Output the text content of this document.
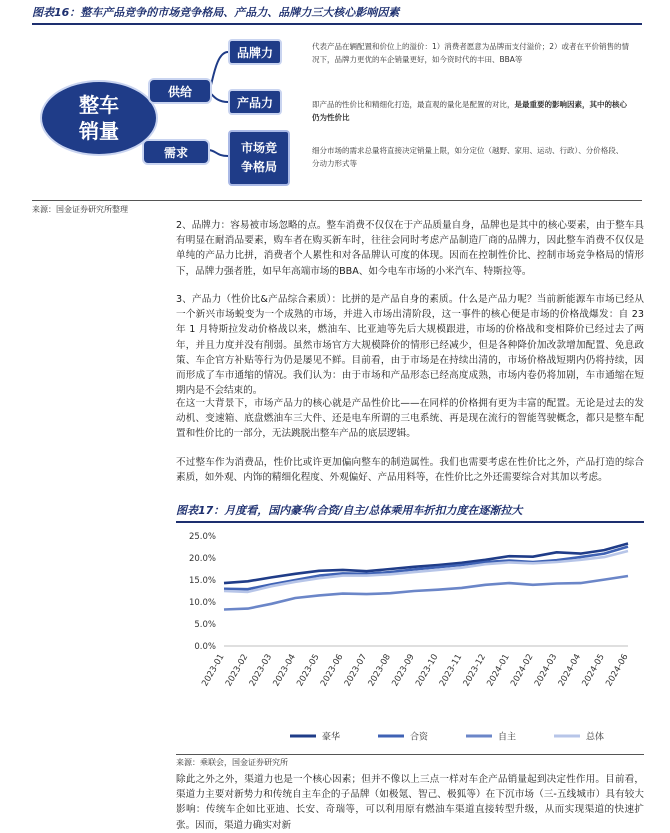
图表16：整车产品竞争的市场竞争格局、产品力、品牌力三大核心影响因素
整车
销量
供给
需求
品牌力
产品力
市场竞
争格局
代表产品在辆配置和价位上的溢价：1）消费者愿意为品牌而支付溢价；2）或者在平价销售的情况下，品牌力更优的车企销量更好，如今资时代的丰田、BBA等
即产品的性价比和精细化打造，最直观的量化是配置的对比，是最重要的影响因素，其中的核心仍为性价比
细分市场的需求总量将直接决定销量上限，如分定位（越野、家用、运动、行政）、分价格段、分动力形式等
来源：国金证券研究所整理

2、品牌力：容易被市场忽略的点。整车消费不仅仅在于产品质量自身，品牌也是其中的核心要素，由于整车具有明显在耐消品要素，购车者在购买新车时，往往会同时考虑产品制造厂商的品牌力，因此整车消费不仅仅是单纯的产品力比拼，消费者个人累性和对各品牌认可度的体现。因而在控制性价比、控制市场竞争格局的情形下，品牌力强者胜，如早年高端市场的BBA、如今电车市场的小米汽车、特斯拉等。

3、产品力（性价比&产品综合素质）：比拼的是产品自身的素质。什么是产品力呢？当前新能源车市场已经从一个新兴市场蜕变为一个成熟的市场，并进入市场出清阶段，这一事件的核心便是市场的价格战爆发：自 23 年 1 月特斯拉发动价格战以来，燃油车、比亚迪等先后大规模跟进，市场的价格战和变相降价已经过去了两年，并且力度并没有削弱。虽然市场官方大规模降价的情形已经减少，但是各种降价加改款增加配置、免息政策、车企官方补贴等行为仍是屡见不鲜。目前看，由于市场是在持续出清的，市场价格战短期内仍将持续，因而形成了车市通缩的情况。我们认为：由于市场和产品形态已经高度成熟，市场内卷仍将加剧，车市通缩在短期内是不会结束的。

在这一大背景下，市场产品力的核心就是产品性价比——在同样的价格拥有更为丰富的配置。无论是过去的发动机、变速箱、底盘燃油车三大件、还是电车所谓的三电系统、再是现在流行的智能驾驶概念，都只是整车配置和性价比的一部分，无法跳脱出整车产品的底层逻辑。

不过整车作为消费品，性价比或许更加偏向整车的制造属性。我们也需要考虑在性价比之外，产品打造的综合素质，如外观、内饰的精细化程度、外观偏好、产品用料等，在性价比之外还需要综合对其加以考虑。

图表17：月度看，国内豪华/合资/自主/总体乘用车折扣力度在逐渐拉大
0.0%
5.0%
10.0%
15.0%
20.0%
25.0%
2023-01
2023-02
2023-03
2023-04
2023-05
2023-06
2023-07
2023-08
2023-09
2023-10
2023-11
2023-12
2024-01
2024-02
2024-03
2024-04
2024-05
2024-06
豪华	合资	自主	总体
来源：乘联会，国金证券研究所

除此之外之外，渠道力也是一个核心因素；但并不像以上三点一样对车企产品销量起到决定性作用。目前看，渠道力主要对新势力和传统自主车企的子品牌（如极氪、智己、极狐等）在下沉市场（三-五线城市）具有较大影响：传统车企如比亚迪、长安、奇瑞等，可以利用原有燃油车渠道直接转型升级，从而实现渠道的快速扩张。因而，渠道力确实对新
